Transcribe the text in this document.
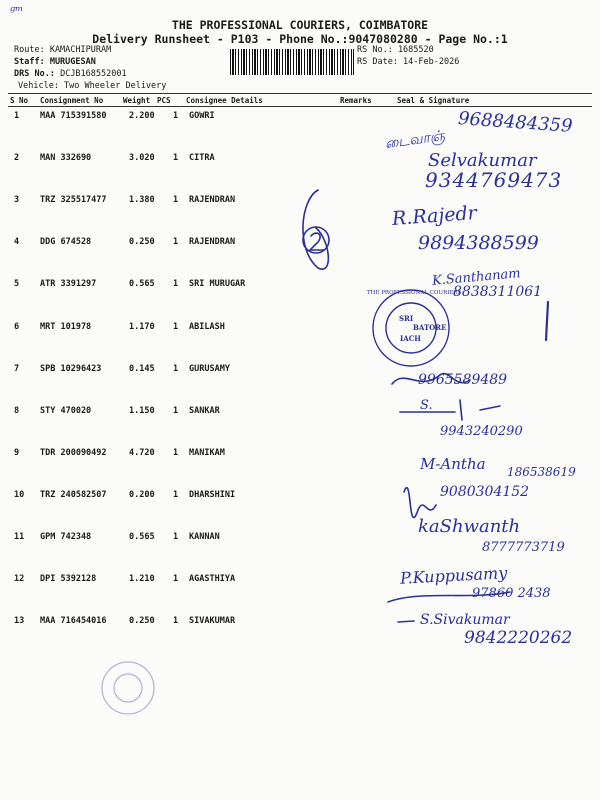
ᵍᵐ
THE PROFESSIONAL COURIERS, COIMBATORE
Delivery Runsheet - P103 - Phone No.:9047080280 - Page No.:1
Route: KAMACHIPURAM
Staff: MURUGESAN
DRS No.: DCJB168552001
Vehicle: Two Wheeler Delivery
RS No.: 1685520
RS Date: 14-Feb-2026
S No Consignment No	Weight PCS Consignee Details	Remarks	Seal & Signature
1 MAA 715391580	2.200 1 GOWRI
2 MAN 332690	3.020 1 CITRA
3 TRZ 325517477	1.380 1 RAJENDRAN
4 DDG 674528	0.250 1 RAJENDRAN
5 ATR 3391297	0.565 1 SRI MURUGAR
6 MRT 101978	1.170 1 ABILASH
7 SPB 10296423	0.145 1 GURUSAMY
8 STY 470020	1.150 1 SANKAR
9 TDR 200090492	4.720 1 MANIKAM
10 TRZ 240582507	0.200 1 DHARSHINI
11 GPM 742348	0.565 1 KANNAN
12 DPI 5392128	1.210 1 AGASTHIYA
13 MAA 716454016	0.250 1 SIVAKUMAR
SRI
BATORE
IACH
THE PROFESSIONAL COURIERS
9688484359
டைவாஞ்
Selvakumar
9344769473
R.Rajedr
9894388599
K.Santhanam
8838311061
9965589489
S.
9943240290
M-Antha 186538619
9080304152
kaShwanth
8777773719
P.Kuppusamy
97860 2438
S.Sivakumar
9842220262
